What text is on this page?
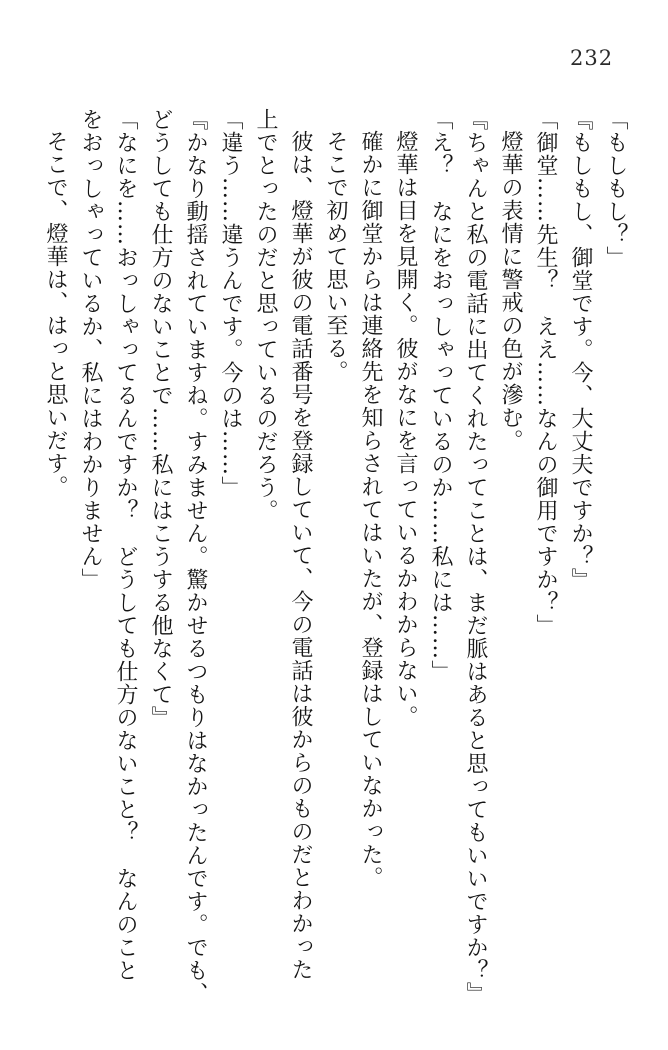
232

「もしもし？」

『もしもし、御堂です。今、大丈夫ですか？』

「御堂……先生？　ええ……なんの御用ですか？」

燈華の表情に警戒の色が滲む。

『ちゃんと私の電話に出てくれたってことは、まだ脈はあると思ってもいいですか？』

「え？　なにをおっしゃっているのか……私には……」

燈華は目を見開く。彼がなにを言っているかわからない。

確かに御堂からは連絡先を知らされてはいたが、登録はしていなかった。

そこで初めて思い至る。

彼は、燈華が彼の電話番号を登録していて、今の電話は彼からのものだとわかった

上でとったのだと思っているのだろう。

「違う……違うんです。今のは……」

『かなり動揺されていますね。すみません。驚かせるつもりはなかったんです。でも、

どうしても仕方のないことで……私にはこうする他なくて』

「なにを……おっしゃってるんですか？　どうしても仕方のないこと？　なんのこと

をおっしゃっているか、私にはわかりません」

そこで、燈華は、はっと思いだす。
